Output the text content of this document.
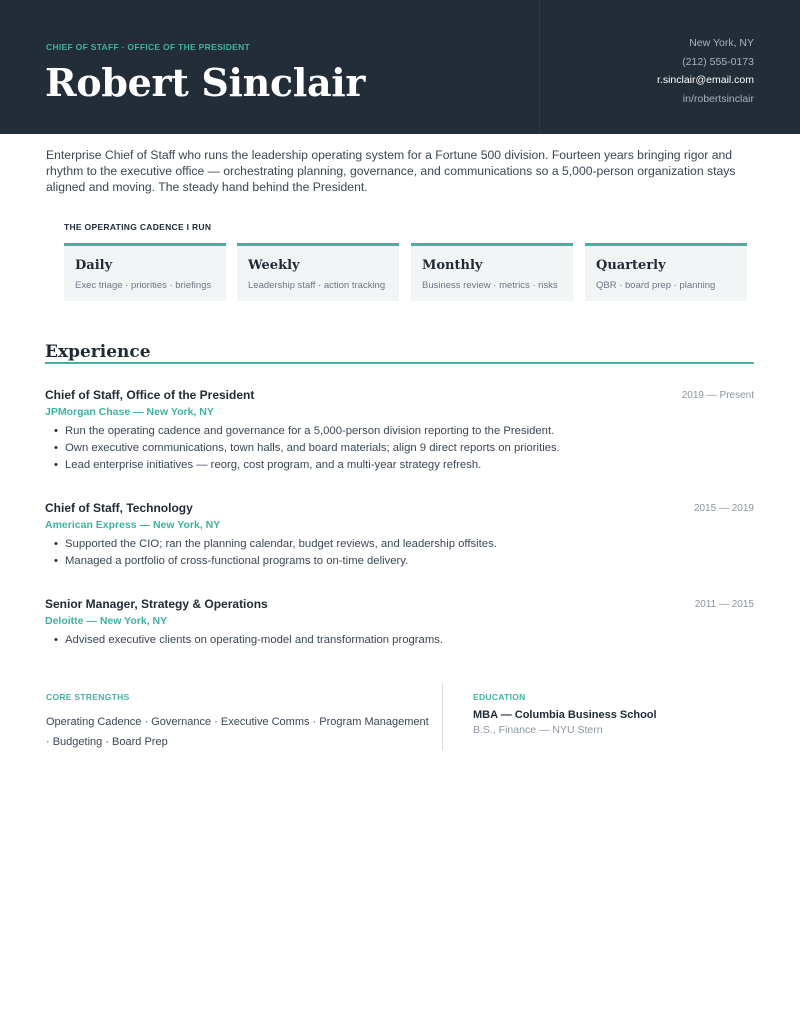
CHIEF OF STAFF · OFFICE OF THE PRESIDENT
Robert Sinclair
New York, NY
(212) 555-0173
r.sinclair@email.com
in/robertsinclair

Enterprise Chief of Staff who runs the leadership operating system for a Fortune 500 division. Fourteen years bringing rigor and rhythm to the executive office — orchestrating planning, governance, and communications so a 5,000-person organization stays aligned and moving. The steady hand behind the President.

THE OPERATING CADENCE I RUN
Daily
Exec triage · priorities · briefings
Weekly
Leadership staff · action tracking
Monthly
Business review · metrics · risks
Quarterly
QBR · board prep · planning
Experience
Chief of Staff, Office of the President	2019 — Present
JPMorgan Chase — New York, NY
• Run the operating cadence and governance for a 5,000-person division reporting to the President.
• Own executive communications, town halls, and board materials; align 9 direct reports on priorities.
• Lead enterprise initiatives — reorg, cost program, and a multi-year strategy refresh.
Chief of Staff, Technology	2015 — 2019
American Express — New York, NY
• Supported the CIO; ran the planning calendar, budget reviews, and leadership offsites.
• Managed a portfolio of cross-functional programs to on-time delivery.
Senior Manager, Strategy & Operations	2011 — 2015
Deloitte — New York, NY
• Advised executive clients on operating-model and transformation programs.
CORE STRENGTHS

Operating Cadence · Governance · Executive Comms · Program Management · Budgeting · Board Prep

EDUCATION
MBA — Columbia Business School
B.S., Finance — NYU Stern
